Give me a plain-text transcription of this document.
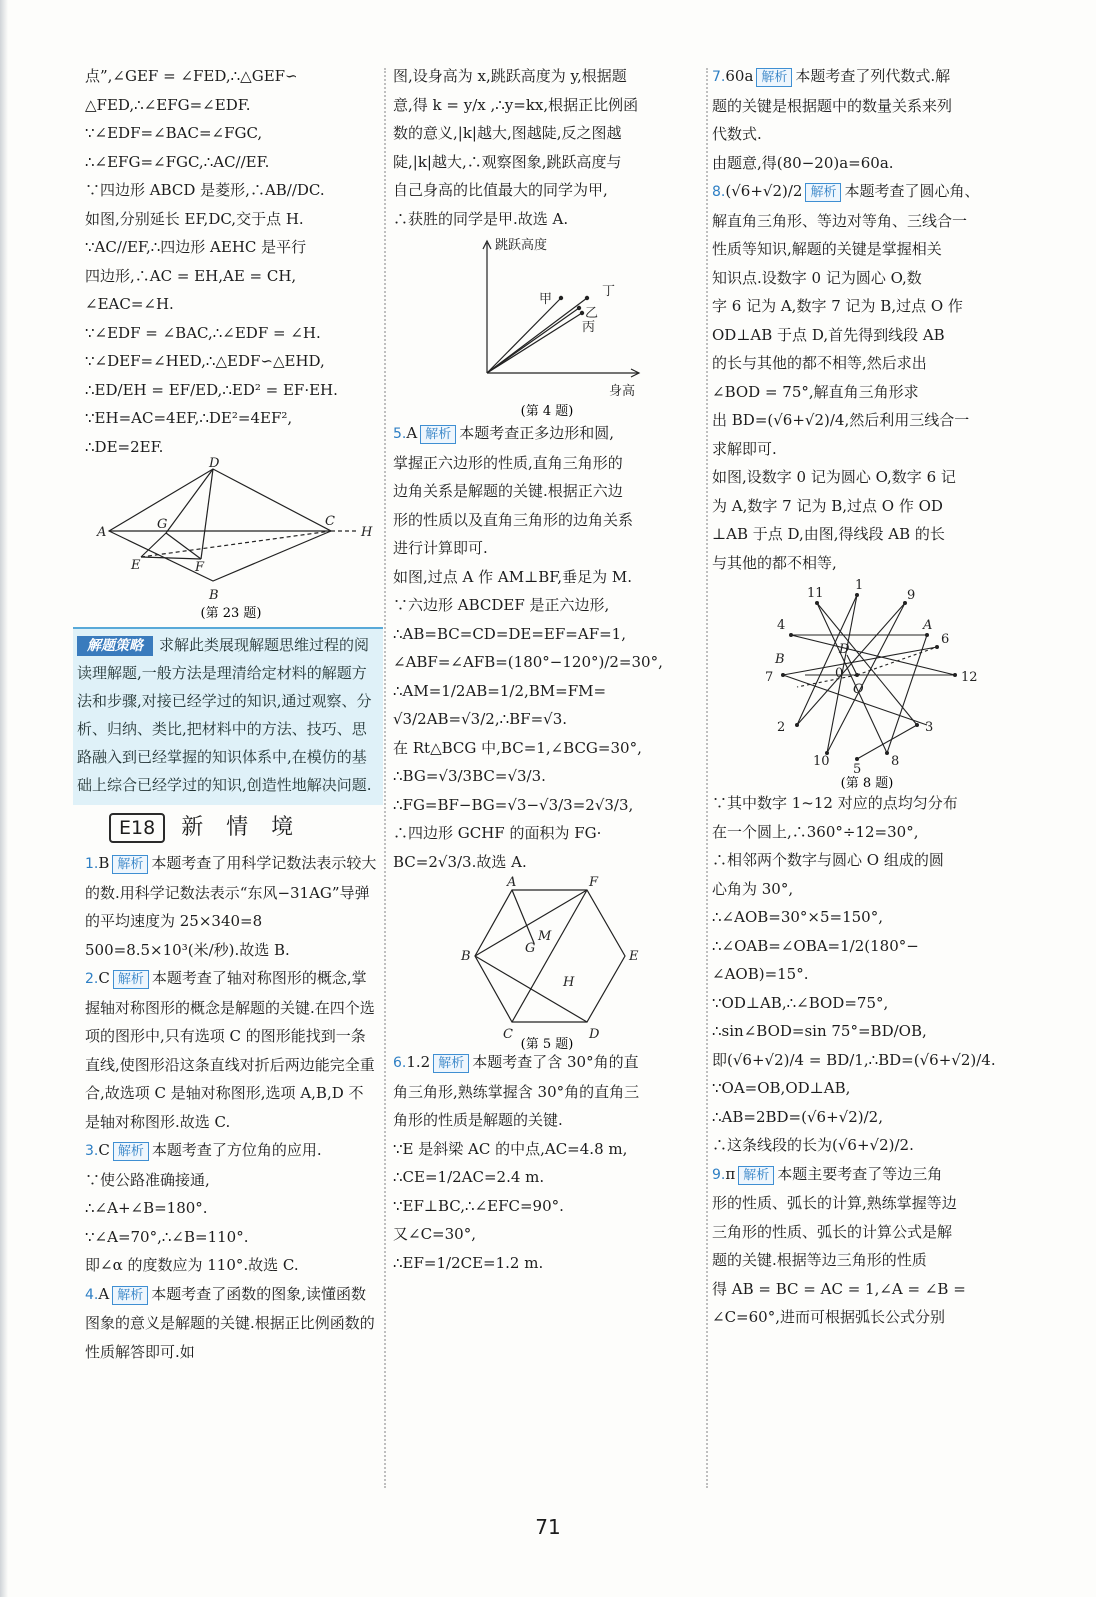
点”,∠GEF = ∠FED,∴△GEF∽
△FED,∴∠EFG=∠EDF.
∵∠EDF=∠BAC=∠FGC,
∴∠EFG=∠FGC,∴AC//EF.
∵四边形 ABCD 是菱形,∴AB//DC.
如图,分别延长 EF,DC,交于点 H.
∵AC//EF,∴四边形 AEHC 是平行
四边形,∴AC = EH,AE = CH,
∠EAC=∠H.
∵∠EDF = ∠BAC,∴∠EDF = ∠H.
∵∠DEF=∠HED,∴△EDF∽△EHD,
∴ED/EH = EF/ED,∴ED² = EF·EH.
∵EH=AC=4EF,∴DE²=4EF²,
∴DE=2EF.
D
A
G	C
H
E	F
B
(第 23 题)
解题策略 求解此类展现解题思维过程的阅读理解题,一般方法是理清给定材料的解题方法和步骤,对接已经学过的知识,通过观察、分析、归纳、类比,把材料中的方法、技巧、思路融入到已经掌握的知识体系中,在模仿的基础上综合已经学过的知识,创造性地解决问题.
E18	新 情 境
1.B 解析 本题考查了用科学记数法表示较大的数.用科学记数法表示“东风−31AG”导弹的平均速度为 25×340=8 500=8.5×10³(米/秒).故选 B.
2.C 解析 本题考查了轴对称图形的概念,掌握轴对称图形的概念是解题的关键.在四个选项的图形中,只有选项 C 的图形能找到一条直线,使图形沿这条直线对折后两边能完全重合,故选项 C 是轴对称图形,选项 A,B,D 不是轴对称图形.故选 C.
3.C 解析 本题考查了方位角的应用.
∵使公路准确接通,
∴∠A+∠B=180°.
∵∠A=70°,∴∠B=110°.
即∠α 的度数应为 110°.故选 C.
4.A 解析 本题考查了函数的图象,读懂函数图象的意义是解题的关键.根据正比例函数的性质解答即可.如
图,设身高为 x,跳跃高度为 y,根据题
意,得 k = y/x ,∴y=kx,根据正比例函
数的意义,|k|越大,图越陡,反之图越
陡,|k|越大,∴观察图象,跳跃高度与
自己身高的比值最大的同学为甲,
∴获胜的同学是甲.故选 A.
跳跃高度
身高
甲
乙
丙
丁
(第 4 题)
5.A 解析 本题考查正多边形和圆,
掌握正六边形的性质,直角三角形的
边角关系是解题的关键.根据正六边
形的性质以及直角三角形的边角关系
进行计算即可.
如图,过点 A 作 AM⊥BF,垂足为 M.
∵六边形 ABCDEF 是正六边形,
∴AB=BC=CD=DE=EF=AF=1,
∠ABF=∠AFB=(180°−120°)/2=30°,
∴AM=1/2AB=1/2,BM=FM=
√3/2AB=√3/2,∴BF=√3.
在 Rt△BCG 中,BC=1,∠BCG=30°,
∴BG=√3/3BC=√3/3.
∴FG=BF−BG=√3−√3/3=2√3/3,
∴四边形 GCHF 的面积为 FG·
BC=2√3/3.故选 A.
A	F
M
G
B	E
H
C	D
(第 5 题)
6.1.2 解析 本题考查了含 30°角的直
角三角形,熟练掌握含 30°角的直角三
角形的性质是解题的关键.
∵E 是斜梁 AC 的中点,AC=4.8 m,
∴CE=1/2AC=2.4 m.
∵EF⊥BC,∴∠EFC=90°.
又∠C=30°,
∴EF=1/2CE=1.2 m.
7.60a 解析 本题考查了列代数式.解
题的关键是根据题中的数量关系来列
代数式.
由题意,得(80−20)a=60a.
8.(√6+√2)/2 解析 本题考查了圆心角、
解直角三角形、等边对等角、三线合一
性质等知识,解题的关键是掌握相关
知识点.设数字 0 记为圆心 O,数
字 6 记为 A,数字 7 记为 B,过点 O 作
OD⊥AB 于点 D,首先得到线段 AB
的长与其他的都不相等,然后求出
∠BOD = 75°,解直角三角形求
出 BD=(√6+√2)/4,然后利用三线合一
求解即可.
如图,设数字 0 记为圆心 O,数字 6 记
为 A,数字 7 记为 B,过点 O 作 OD
⊥AB 于点 D,由图,得线段 AB 的长
与其他的都不相等,
11
1
9
4	A
6
D
B
7	0
O
12
2	3
10
5
8
(第 8 题)
∵其中数字 1~12 对应的点均匀分布
在一个圆上,∴360°÷12=30°,
∴相邻两个数字与圆心 O 组成的圆
心角为 30°,
∴∠AOB=30°×5=150°,
∴∠OAB=∠OBA=1/2(180°−
∠AOB)=15°.
∵OD⊥AB,∴∠BOD=75°,
∴sin∠BOD=sin 75°=BD/OB,
即(√6+√2)/4 = BD/1,∴BD=(√6+√2)/4.
∵OA=OB,OD⊥AB,
∴AB=2BD=(√6+√2)/2,
∴这条线段的长为(√6+√2)/2.
9.π 解析 本题主要考查了等边三角
形的性质、弧长的计算,熟练掌握等边
三角形的性质、弧长的计算公式是解
题的关键.根据等边三角形的性质
得 AB = BC = AC = 1,∠A = ∠B =
∠C=60°,进而可根据弧长公式分别
71
